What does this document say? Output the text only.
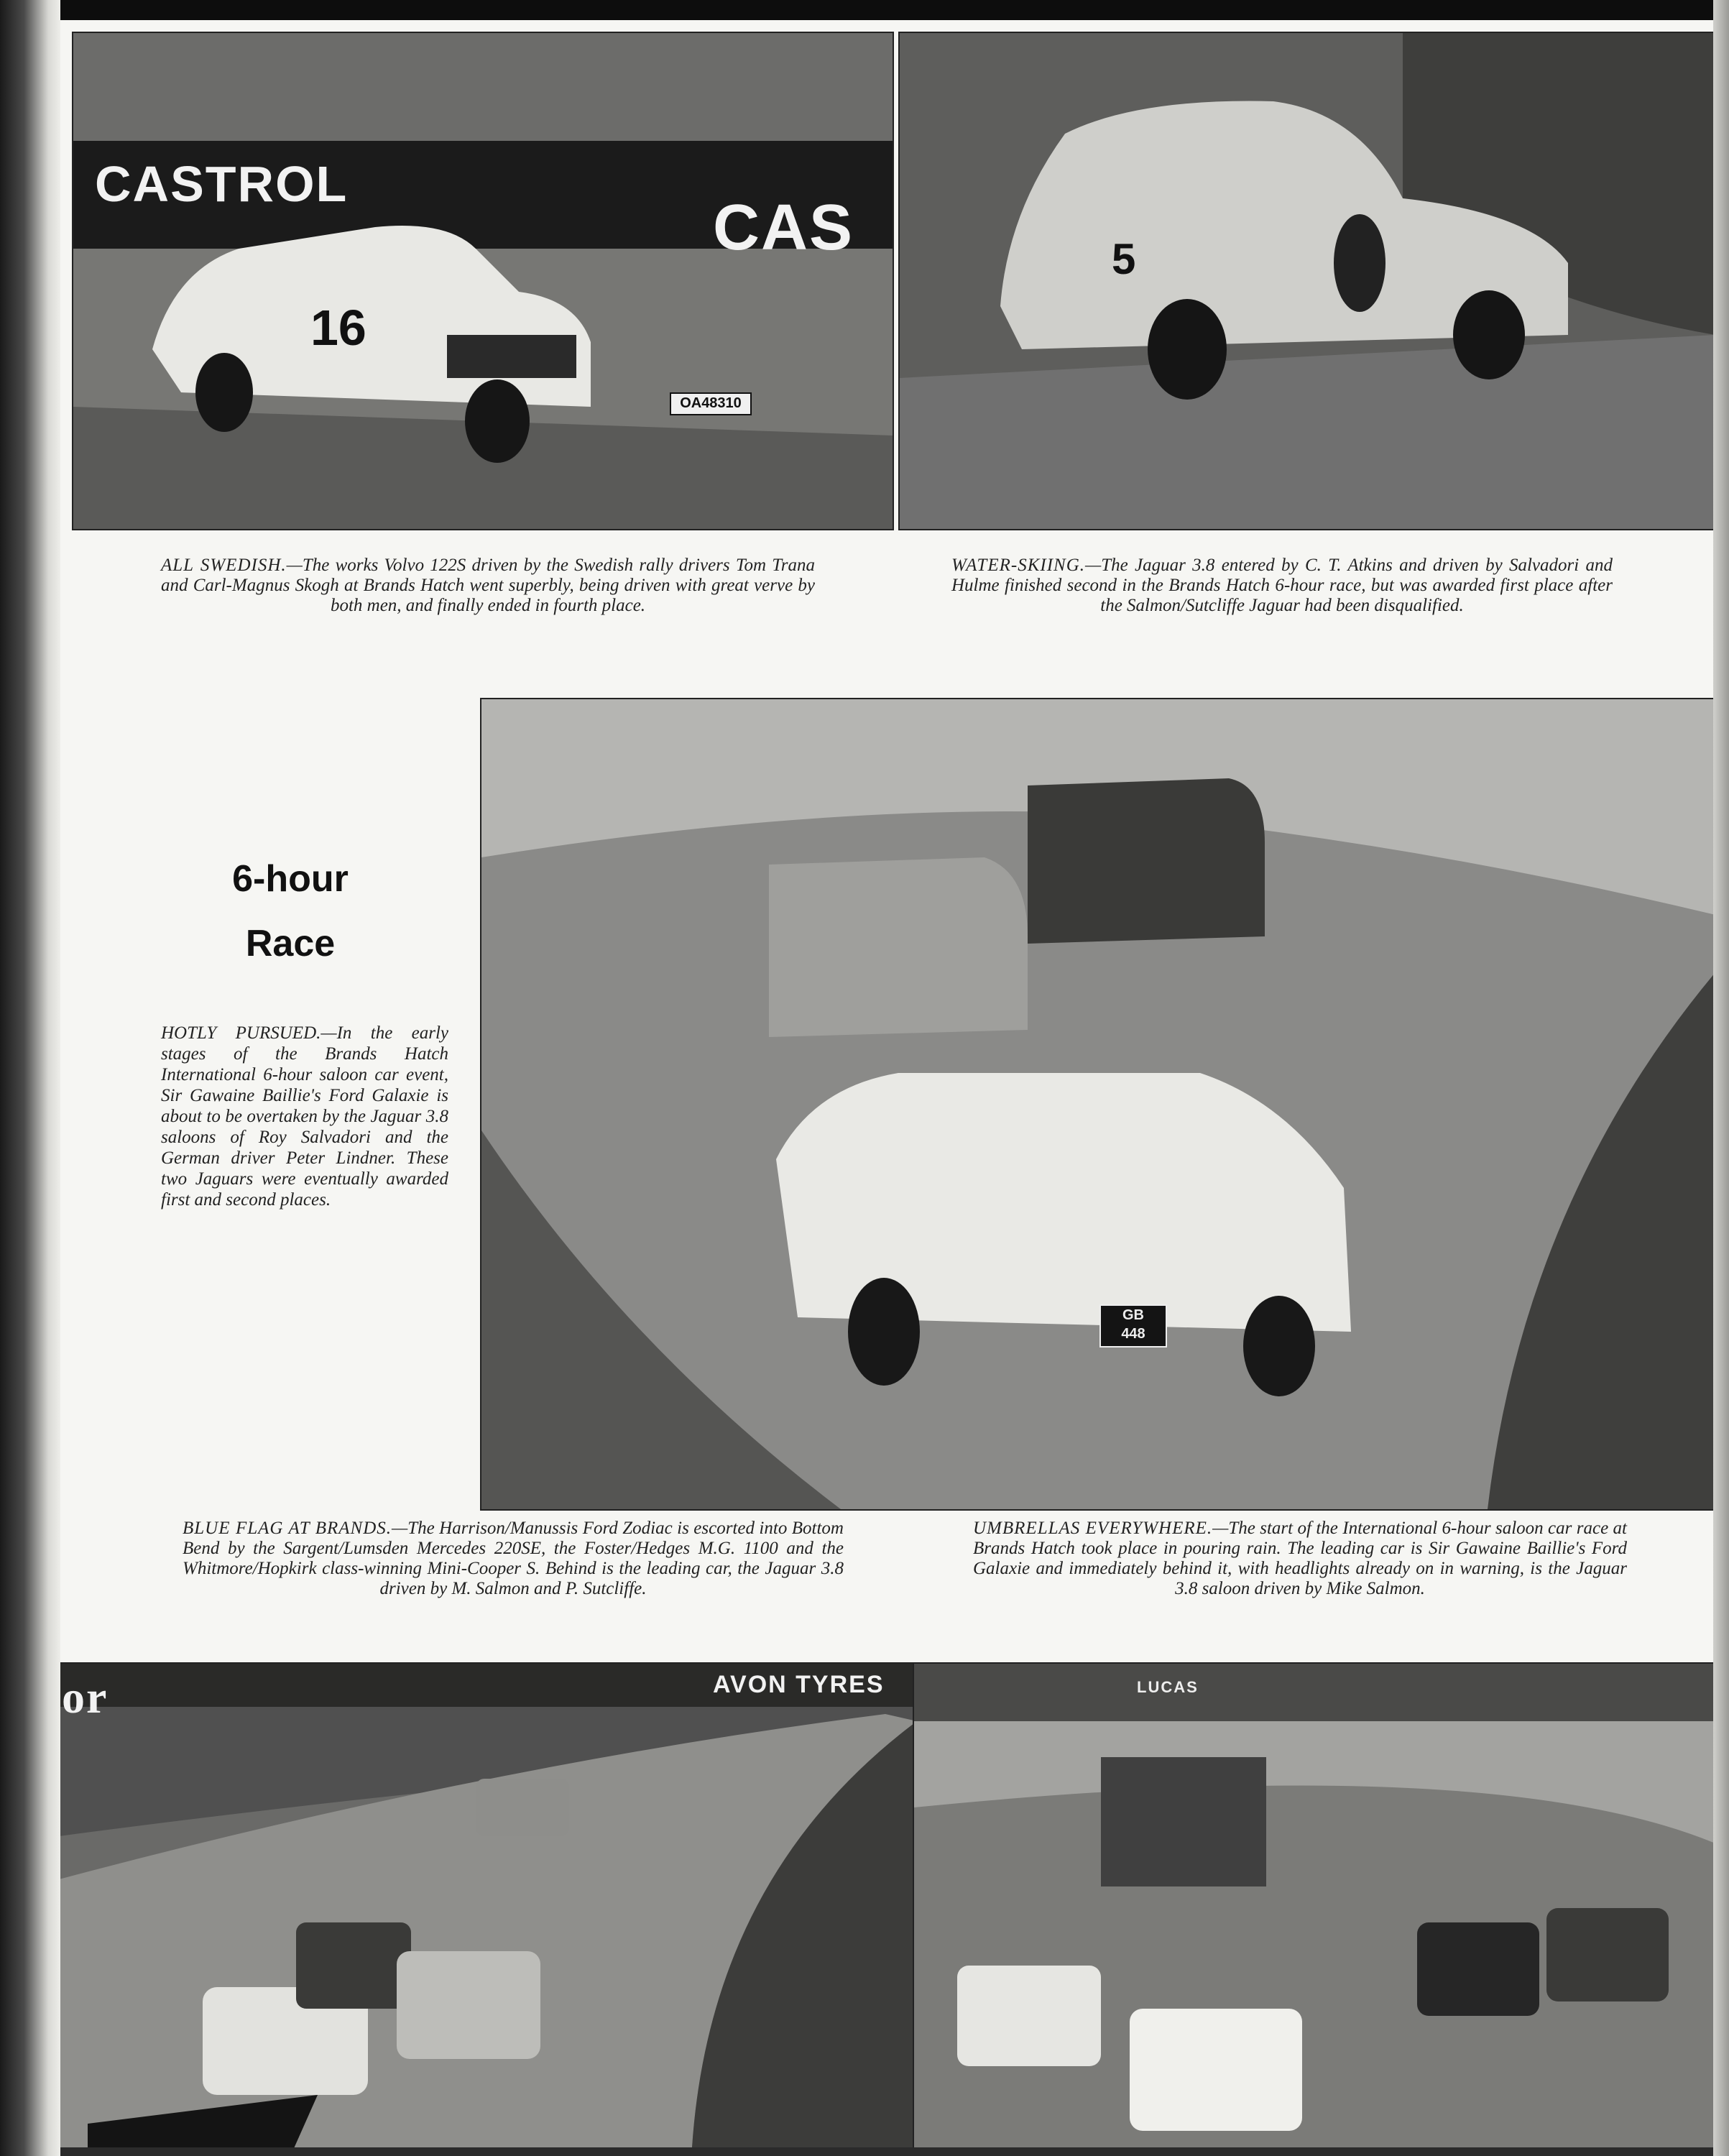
CASTROL
CAS
16
OA48310
5
ALL SWEDISH.—The works Volvo 122S driven by the Swedish rally drivers Tom Trana and Carl-Magnus Skogh at Brands Hatch went superbly, being driven with great verve by both men, and finally ended in fourth place.
WATER-SKIING.—The Jaguar 3.8 entered by C. T. Atkins and driven by Salvadori and Hulme finished second in the Brands Hatch 6-hour race, but was awarded first place after the Salmon/Sutcliffe Jaguar had been disqualified.
6-hour
Race
HOTLY PURSUED.—In the early stages of the Brands Hatch International 6-hour saloon car event, Sir Gawaine Baillie's Ford Galaxie is about to be overtaken by the Jaguar 3.8 saloons of Roy Salvadori and the German driver Peter Lindner. These two Jaguars were eventually awarded first and second places.
GB
448
BLUE FLAG AT BRANDS.—The Harrison/Manussis Ford Zodiac is escorted into Bottom Bend by the Sargent/Lumsden Mercedes 220SE, the Foster/Hedges M.G. 1100 and the Whitmore/Hopkirk class-winning Mini-Cooper S. Behind is the leading car, the Jaguar 3.8 driven by M. Salmon and P. Sutcliffe.
UMBRELLAS EVERYWHERE.—The start of the International 6-hour saloon car race at Brands Hatch took place in pouring rain. The leading car is Sir Gawaine Baillie's Ford Galaxie and immediately behind it, with headlights already on in warning, is the Jaguar 3.8 saloon driven by Mike Salmon.
AVON TYRES
or	LUCAS
